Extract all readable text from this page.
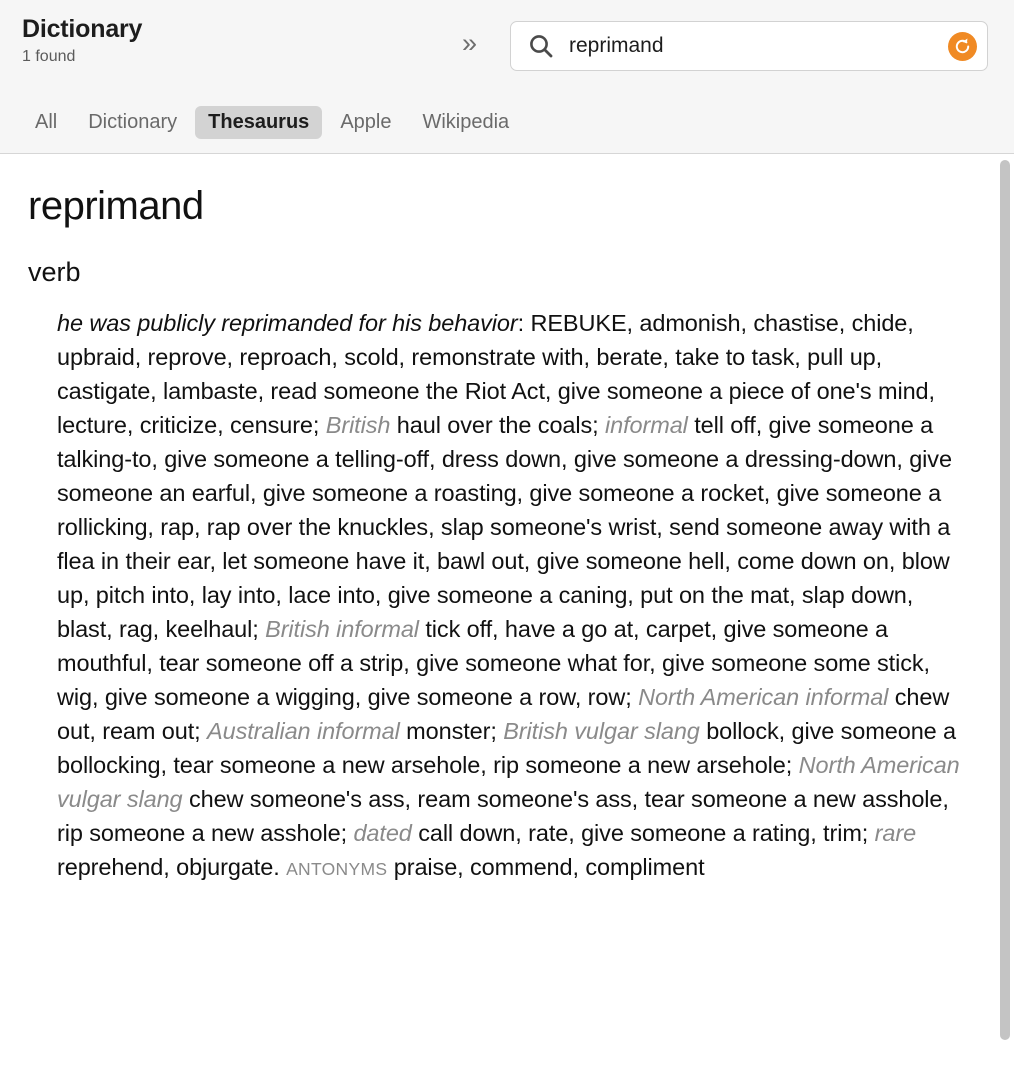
Dictionary
1 found	»
reprimand
All	Dictionary	Thesaurus	Apple	Wikipedia
reprimand
verb
he was publicly reprimanded for his behavior: REBUKE, admonish, chastise, chide, upbraid, reprove, reproach, scold, remonstrate with, berate, take to task, pull up, castigate, lambaste, read someone the Riot Act, give someone a piece of one's mind, lecture, criticize, censure; British haul over the coals; informal tell off, give someone a talking-to, give someone a telling-off, dress down, give someone a dressing-down, give someone an earful, give someone a roasting, give someone a rocket, give someone a rollicking, rap, rap over the knuckles, slap someone's wrist, send someone away with a flea in their ear, let someone have it, bawl out, give someone hell, come down on, blow up, pitch into, lay into, lace into, give someone a caning, put on the mat, slap down, blast, rag, keelhaul; British informal tick off, have a go at, carpet, give someone a mouthful, tear someone off a strip, give someone what for, give someone some stick, wig, give someone a wigging, give someone a row, row; North American informal chew out, ream out; Australian informal monster; British vulgar slang bollock, give someone a bollocking, tear someone a new arsehole, rip someone a new arsehole; North American vulgar slang chew someone's ass, ream someone's ass, tear someone a new asshole, rip someone a new asshole; dated call down, rate, give someone a rating, trim; rare reprehend, objurgate. ANTONYMS praise, commend, compliment
